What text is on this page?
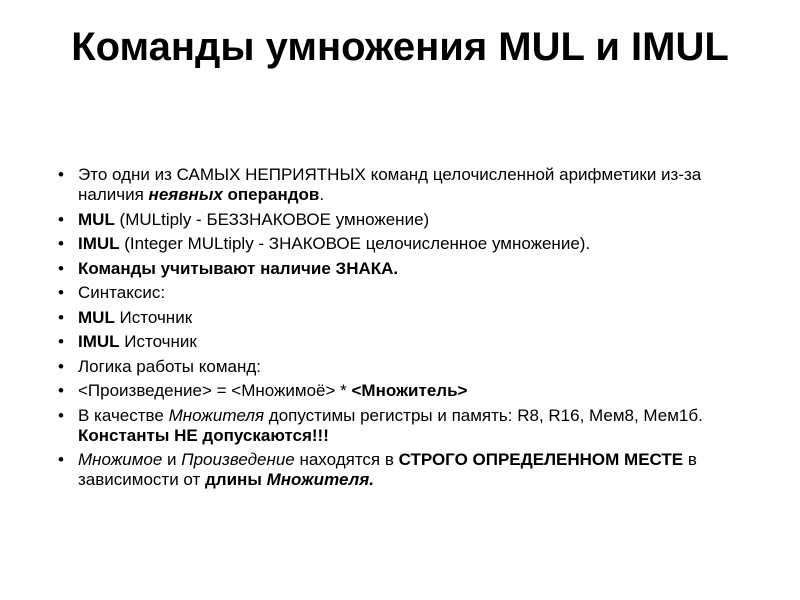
Команды умножения MUL и IMUL
• Это одни из САМЫХ НЕПРИЯТНЫХ команд целочисленной арифметики из-за наличия неявных операндов.
• MUL (MULtiply - БЕЗЗНАКОВОЕ умножение)
• IMUL (Integer MULtiply - ЗНАКОВОЕ целочисленное умножение).
• Команды учитывают наличие ЗНАКА.
• Синтаксис:
• MUL Источник
• IMUL Источник
• Логика работы команд:
• <Произведение> = <Множимоё> * <Множитель>
• В качестве Множителя допустимы регистры и память: R8, R16, Мем8, Мем1б. Константы НЕ допускаются!!!
• Множимое и Произведение находятся в СТРОГО ОПРЕДЕЛЕННОМ МЕСТЕ в зависимости от длины Множителя.
